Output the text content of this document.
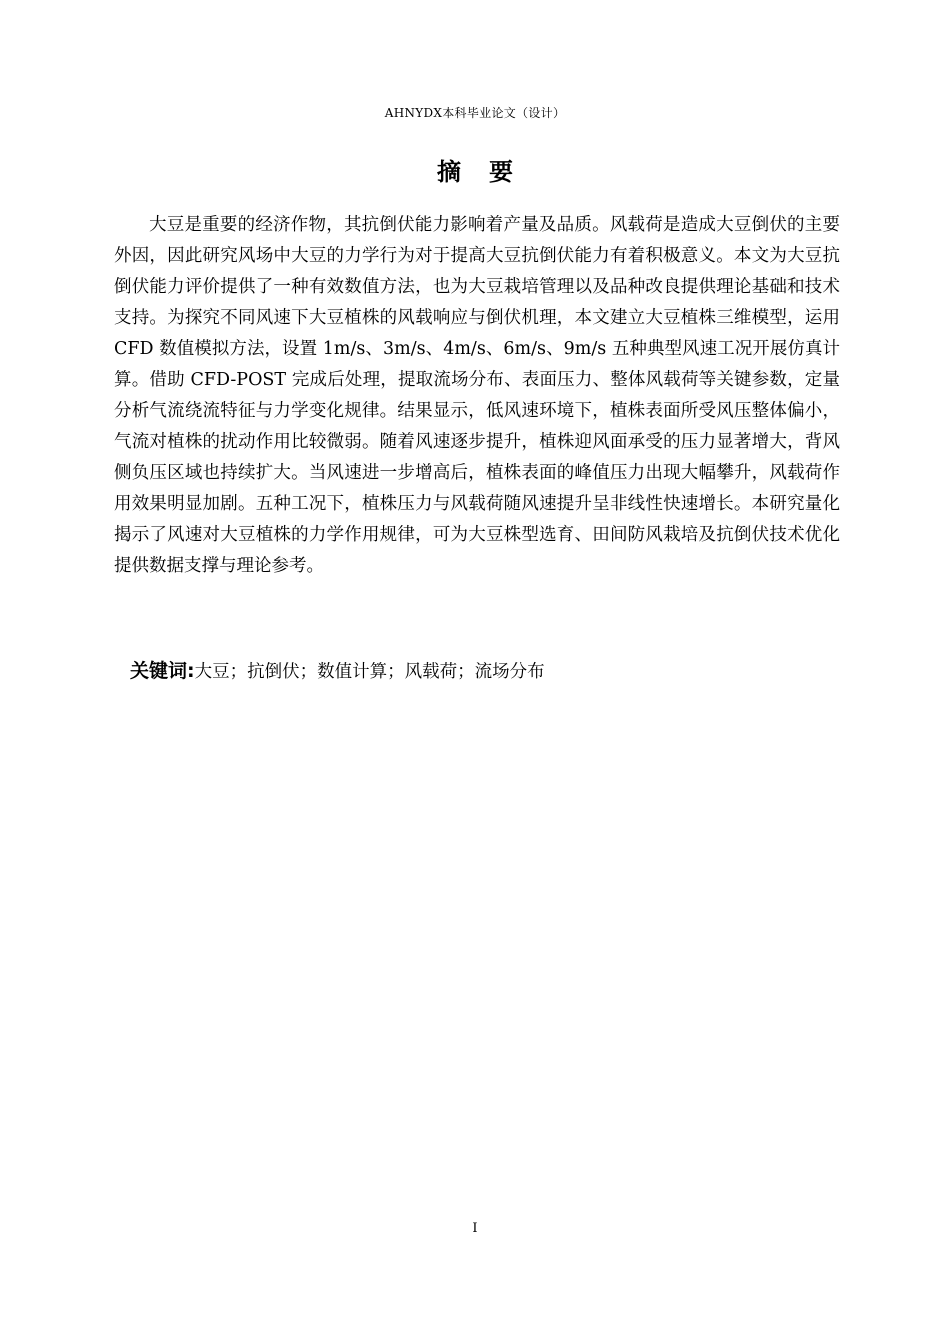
AHNYDX本科毕业论文（设计）
摘要

大豆是重要的经济作物，其抗倒伏能力影响着产量及品质。风载荷是造成大豆倒伏的主要外因，因此研究风场中大豆的力学行为对于提高大豆抗倒伏能力有着积极意义。本文为大豆抗倒伏能力评价提供了一种有效数值方法，也为大豆栽培管理以及品种改良提供理论基础和技术支持。为探究不同风速下大豆植株的风载响应与倒伏机理，本文建立大豆植株三维模型，运用 CFD 数值模拟方法，设置 1m/s、3m/s、4m/s、6m/s、9m/s 五种典型风速工况开展仿真计算。借助 CFD-POST 完成后处理，提取流场分布、表面压力、整体风载荷等关键参数，定量分析气流绕流特征与力学变化规律。结果显示，低风速环境下，植株表面所受风压整体偏小，气流对植株的扰动作用比较微弱。随着风速逐步提升，植株迎风面承受的压力显著增大，背风侧负压区域也持续扩大。当风速进一步增高后，植株表面的峰值压力出现大幅攀升，风载荷作用效果明显加剧。五种工况下，植株压力与风载荷随风速提升呈非线性快速增长。本研究量化揭示了风速对大豆植株的力学作用规律，可为大豆株型选育、田间防风栽培及抗倒伏技术优化提供数据支撑与理论参考。

关键词:大豆；抗倒伏；数值计算；风载荷；流场分布
I
